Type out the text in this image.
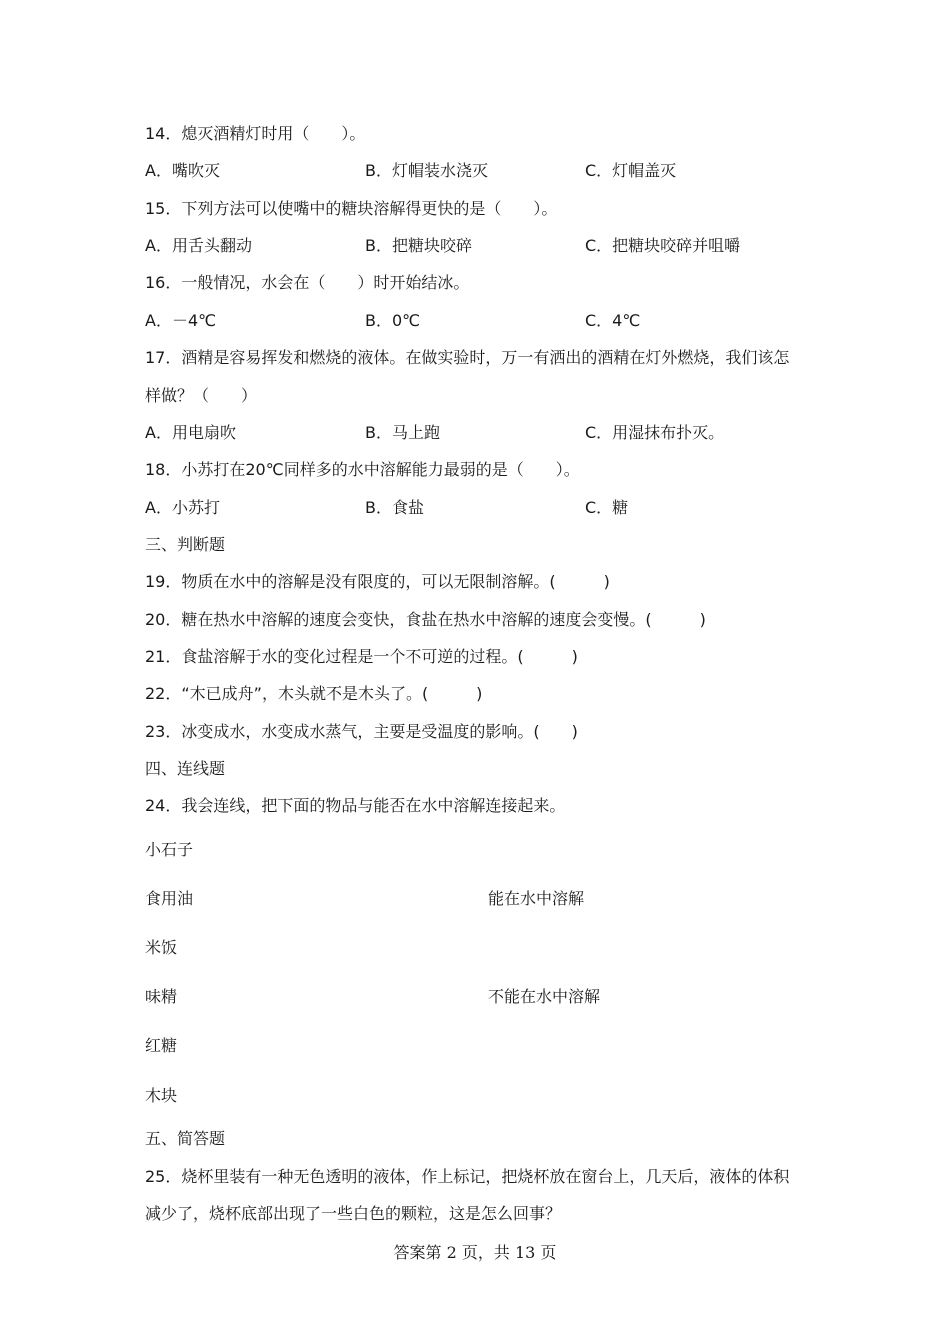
14．熄灭酒精灯时用（　　）。
A．嘴吹灭	B．灯帽装水浇灭	C．灯帽盖灭
15．下列方法可以使嘴中的糖块溶解得更快的是（　　）。
A．用舌头翻动	B．把糖块咬碎	C．把糖块咬碎并咀嚼
16．一般情况，水会在（　　）时开始结冰。
A．－4℃	B．0℃	C．4℃
17．酒精是容易挥发和燃烧的液体。在做实验时，万一有洒出的酒精在灯外燃烧，我们该怎
样做？（　　）
A．用电扇吹	B．马上跑	C．用湿抹布扑灭。
18．小苏打在20℃同样多的水中溶解能力最弱的是（　　）。
A．小苏打	B．食盐	C．糖
三、判断题
19．物质在水中的溶解是没有限度的，可以无限制溶解。(　　　)
20．糖在热水中溶解的速度会变快，食盐在热水中溶解的速度会变慢。(　　　)
21．食盐溶解于水的变化过程是一个不可逆的过程。(　　　)
22．“木已成舟”，木头就不是木头了。(　　　)
23．冰变成水，水变成水蒸气，主要是受温度的影响。(　　)
四、连线题
24．我会连线，把下面的物品与能否在水中溶解连接起来。
小石子
食用油	能在水中溶解
米饭
味精	不能在水中溶解
红糖
木块
五、简答题
25．烧杯里装有一种无色透明的液体，作上标记，把烧杯放在窗台上，几天后，液体的体积
减少了，烧杯底部出现了一些白色的颗粒，这是怎么回事？
答案第 2 页，共 13 页
